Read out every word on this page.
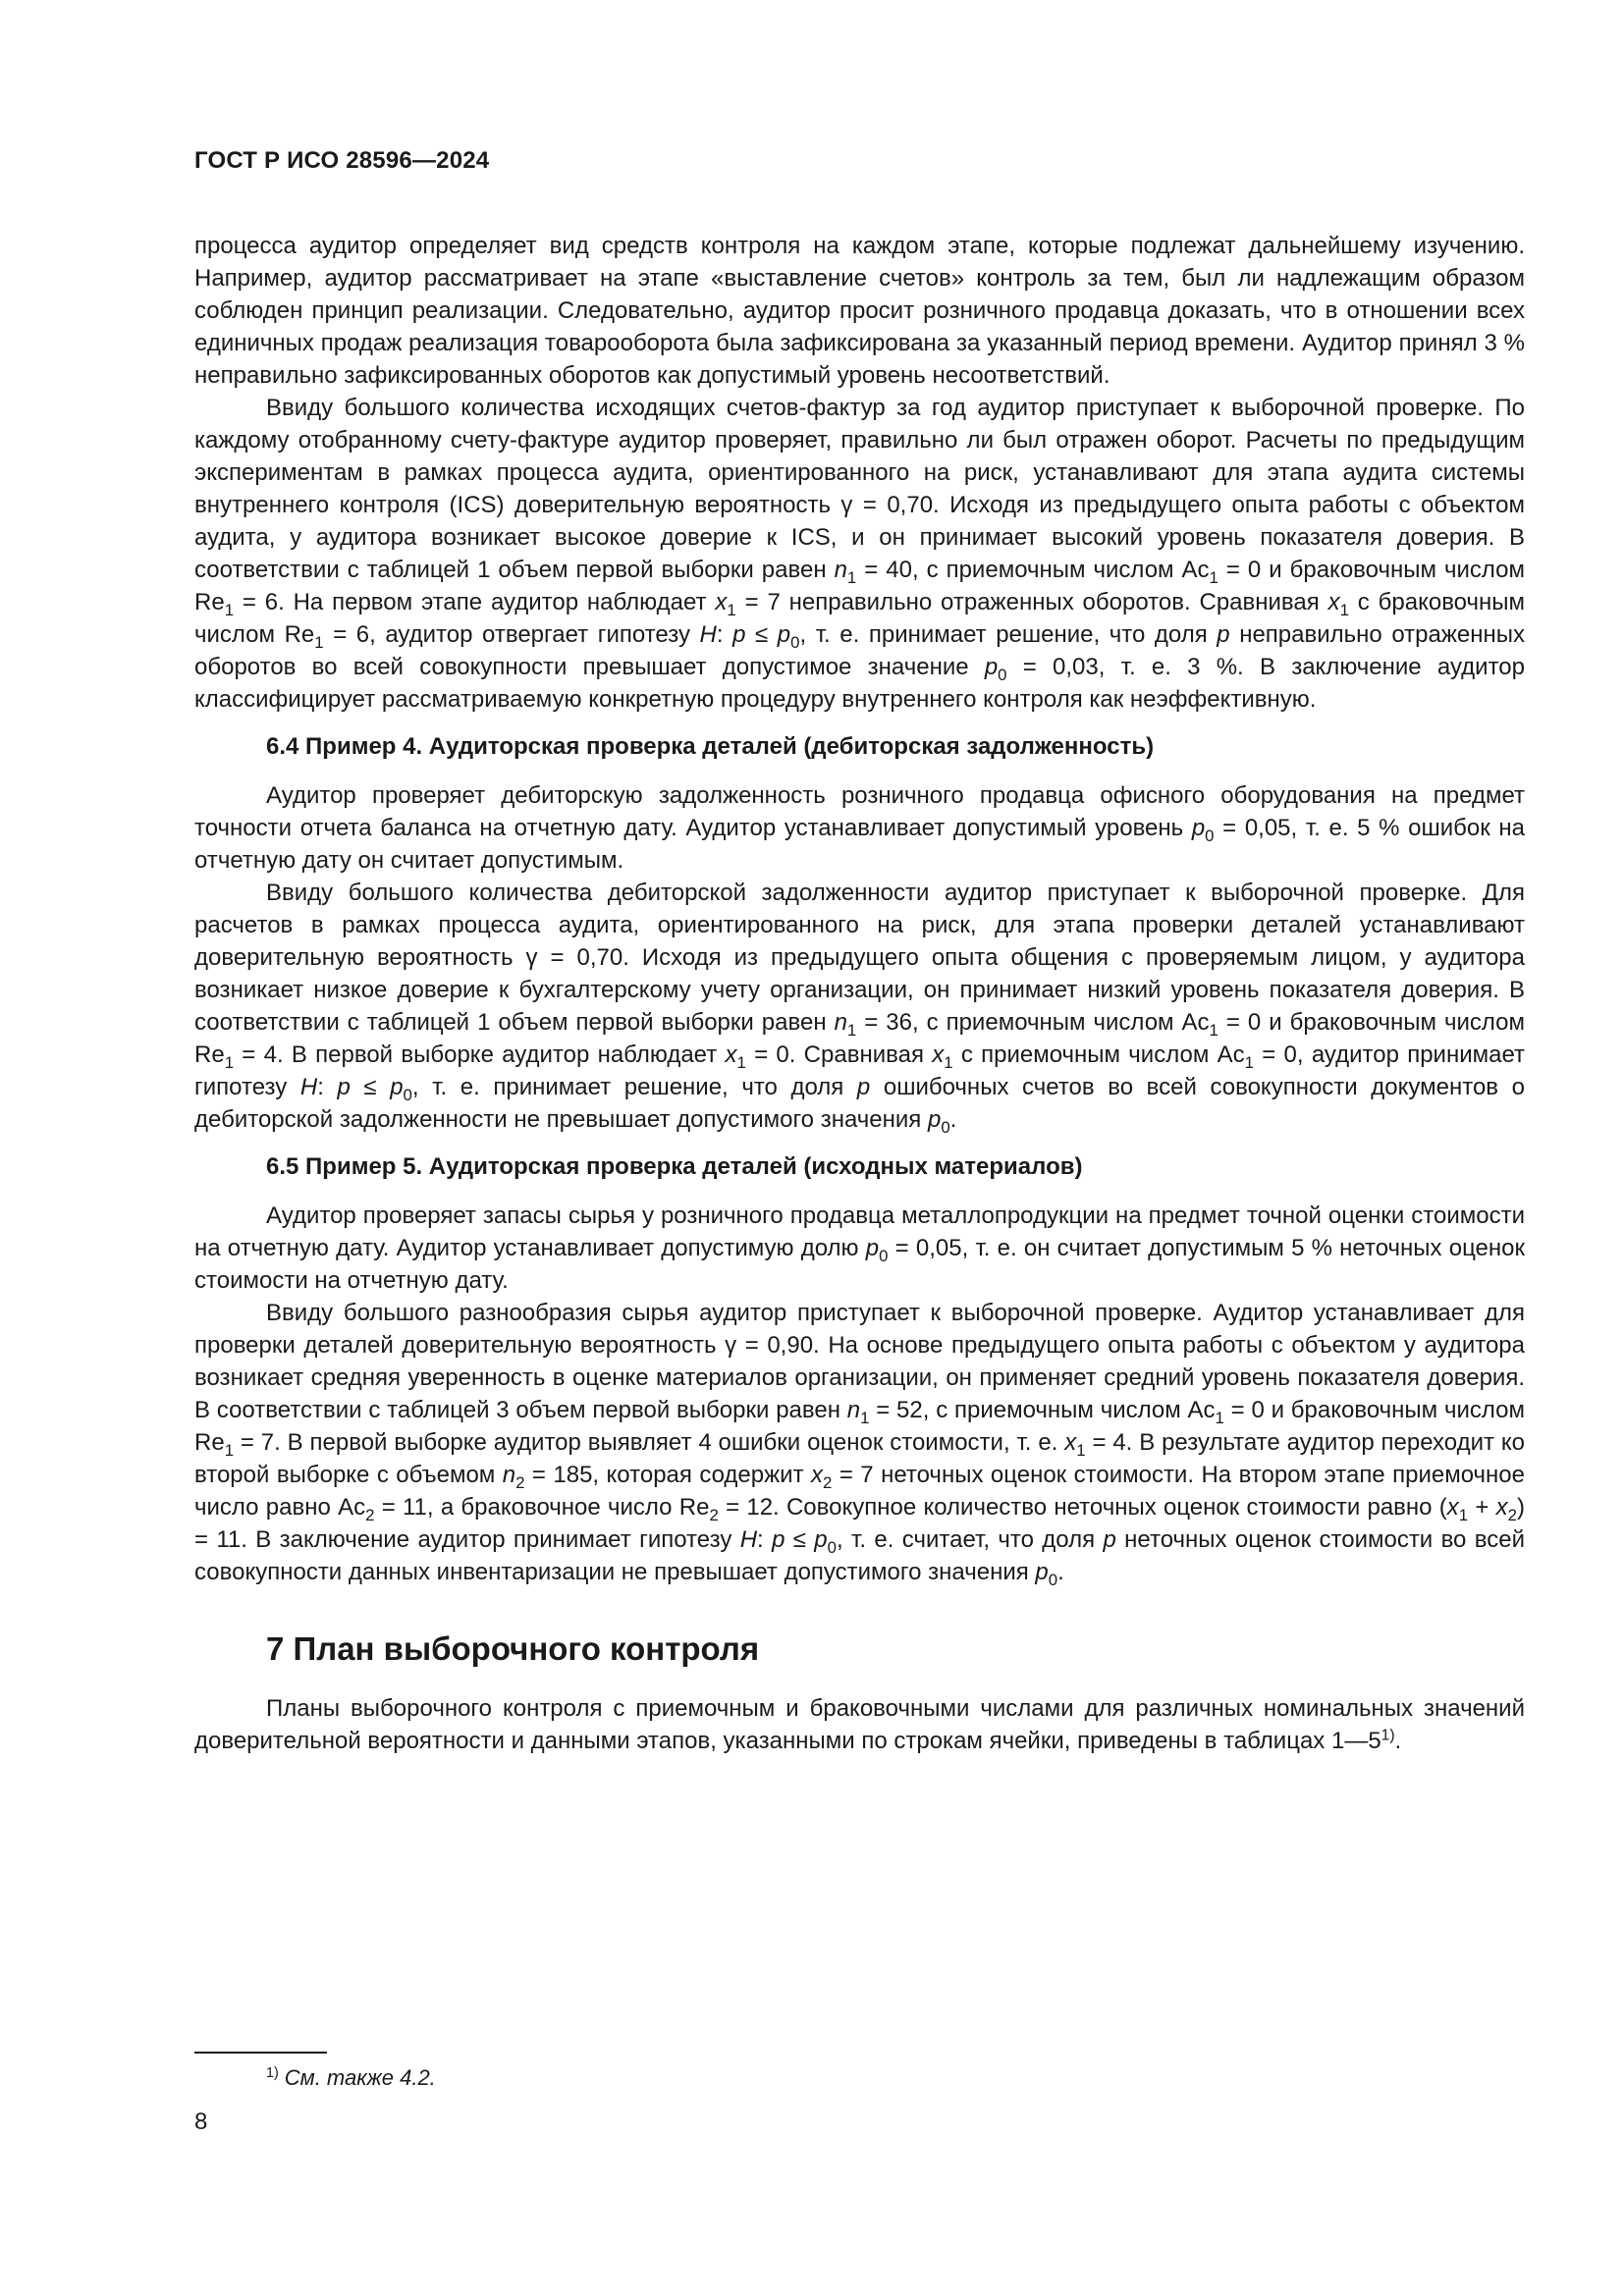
ГОСТ Р ИСО 28596—2024

процесса аудитор определяет вид средств контроля на каждом этапе, которые подлежат дальнейшему изучению. Например, аудитор рассматривает на этапе «выставление счетов» контроль за тем, был ли надлежащим образом соблюден принцип реализации. Следовательно, аудитор просит розничного продавца доказать, что в отношении всех единичных продаж реализация товарооборота была зафиксирована за указанный период времени. Аудитор принял 3 % неправильно зафиксированных оборотов как допустимый уровень несоответствий.

Ввиду большого количества исходящих счетов-фактур за год аудитор приступает к выборочной проверке. По каждому отобранному счету-фактуре аудитор проверяет, правильно ли был отражен оборот. Расчеты по предыдущим экспериментам в рамках процесса аудита, ориентированного на риск, устанавливают для этапа аудита системы внутреннего контроля (ICS) доверительную вероятность γ = 0,70. Исходя из предыдущего опыта работы с объектом аудита, у аудитора возникает высокое доверие к ICS, и он принимает высокий уровень показателя доверия. В соответствии с таблицей 1 объем первой выборки равен $n_1 = 40$, с приемочным числом $Ac_1 = 0$ и браковочным числом $Re_1 = 6$. На первом этапе аудитор наблюдает $x_1 = 7$ неправильно отраженных оборотов. Сравнивая $x_1$ с браковочным числом $Re_1 = 6$, аудитор отвергает гипотезу H: $p \le p_0$, т. е. принимает решение, что доля p неправильно отраженных оборотов во всей совокупности превышает допустимое значение $p_0 = 0,03$, т. е. 3 %. В заключение аудитор классифицирует рассматриваемую конкретную процедуру внутреннего контроля как неэффективную.

6.4 Пример 4. Аудиторская проверка деталей (дебиторская задолженность)

Аудитор проверяет дебиторскую задолженность розничного продавца офисного оборудования на предмет точности отчета баланса на отчетную дату. Аудитор устанавливает допустимый уровень $p_0 = 0,05$, т. е. 5 % ошибок на отчетную дату он считает допустимым.

Ввиду большого количества дебиторской задолженности аудитор приступает к выборочной проверке. Для расчетов в рамках процесса аудита, ориентированного на риск, для этапа проверки деталей устанавливают доверительную вероятность γ = 0,70. Исходя из предыдущего опыта общения с проверяемым лицом, у аудитора возникает низкое доверие к бухгалтерскому учету организации, он принимает низкий уровень показателя доверия. В соответствии с таблицей 1 объем первой выборки равен $n_1 = 36$, с приемочным числом $Ac_1 = 0$ и браковочным числом $Re_1 = 4$. В первой выборке аудитор наблюдает $x_1 = 0$. Сравнивая $x_1$ с приемочным числом $Ac_1 = 0$, аудитор принимает гипотезу H: $p \le p_0$, т. е. принимает решение, что доля p ошибочных счетов во всей совокупности документов о дебиторской задолженности не превышает допустимого значения $p_0$.

6.5 Пример 5. Аудиторская проверка деталей (исходных материалов)

Аудитор проверяет запасы сырья у розничного продавца металлопродукции на предмет точной оценки стоимости на отчетную дату. Аудитор устанавливает допустимую долю $p_0 = 0,05$, т. е. он считает допустимым 5 % неточных оценок стоимости на отчетную дату.

Ввиду большого разнообразия сырья аудитор приступает к выборочной проверке. Аудитор устанавливает для проверки деталей доверительную вероятность γ = 0,90. На основе предыдущего опыта работы с объектом у аудитора возникает средняя уверенность в оценке материалов организации, он применяет средний уровень показателя доверия. В соответствии с таблицей 3 объем первой выборки равен $n_1 = 52$, с приемочным числом $Ac_1 = 0$ и браковочным числом $Re_1 = 7$. В первой выборке аудитор выявляет 4 ошибки оценок стоимости, т. е. $x_1 = 4$. В результате аудитор переходит ко второй выборке с объемом $n_2 = 185$, которая содержит $x_2 = 7$ неточных оценок стоимости. На втором этапе приемочное число равно $Ac_2 = 11$, а браковочное число $Re_2 = 12$. Совокупное количество неточных оценок стоимости равно $(x_1 + x_2) = 11$. В заключение аудитор принимает гипотезу H: $p \le p_0$, т. е. считает, что доля p неточных оценок стоимости во всей совокупности данных инвентаризации не превышает допустимого значения $p_0$.

7 План выборочного контроля

Планы выборочного контроля с приемочным и браковочными числами для различных номинальных значений доверительной вероятности и данными этапов, указанными по строкам ячейки, приведены в таблицах 1—5$^{1)}$.

$^{1)}$ См. также 4.2.
8
